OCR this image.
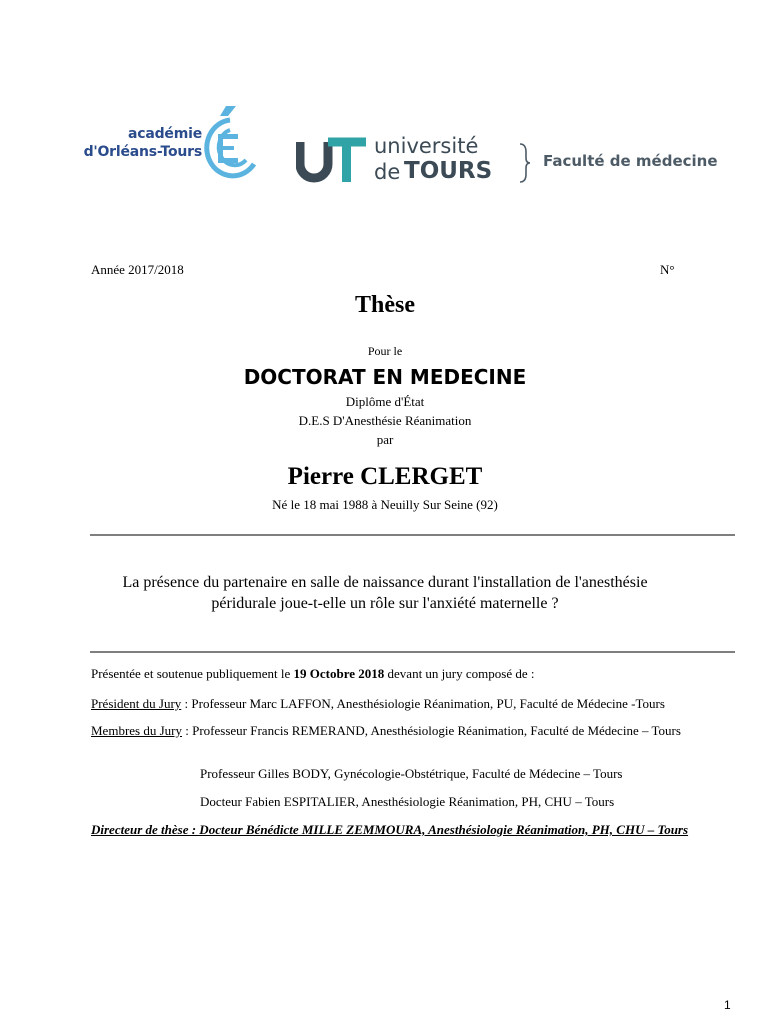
académie
d'Orléans-Tours	université
de TOURS	Faculté de médecine
Année 2017/2018	N°
Thèse
Pour le
DOCTORAT EN MEDECINE
Diplôme d'État
D.E.S D'Anesthésie Réanimation
par
Pierre CLERGET
Né le 18 mai 1988 à Neuilly Sur Seine (92)
La présence du partenaire en salle de naissance durant l'installation de l'anesthésie
péridurale joue-t-elle un rôle sur l'anxiété maternelle ?
Présentée et soutenue publiquement le 19 Octobre 2018 devant un jury composé de :
Président du Jury : Professeur Marc LAFFON, Anesthésiologie Réanimation, PU, Faculté de Médecine -Tours
Membres du Jury : Professeur Francis REMERAND, Anesthésiologie Réanimation, Faculté de Médecine – Tours
Professeur Gilles BODY, Gynécologie-Obstétrique, Faculté de Médecine – Tours
Docteur Fabien ESPITALIER, Anesthésiologie Réanimation, PH, CHU – Tours
Directeur de thèse : Docteur Bénédicte MILLE ZEMMOURA, Anesthésiologie Réanimation, PH, CHU – Tours
1
